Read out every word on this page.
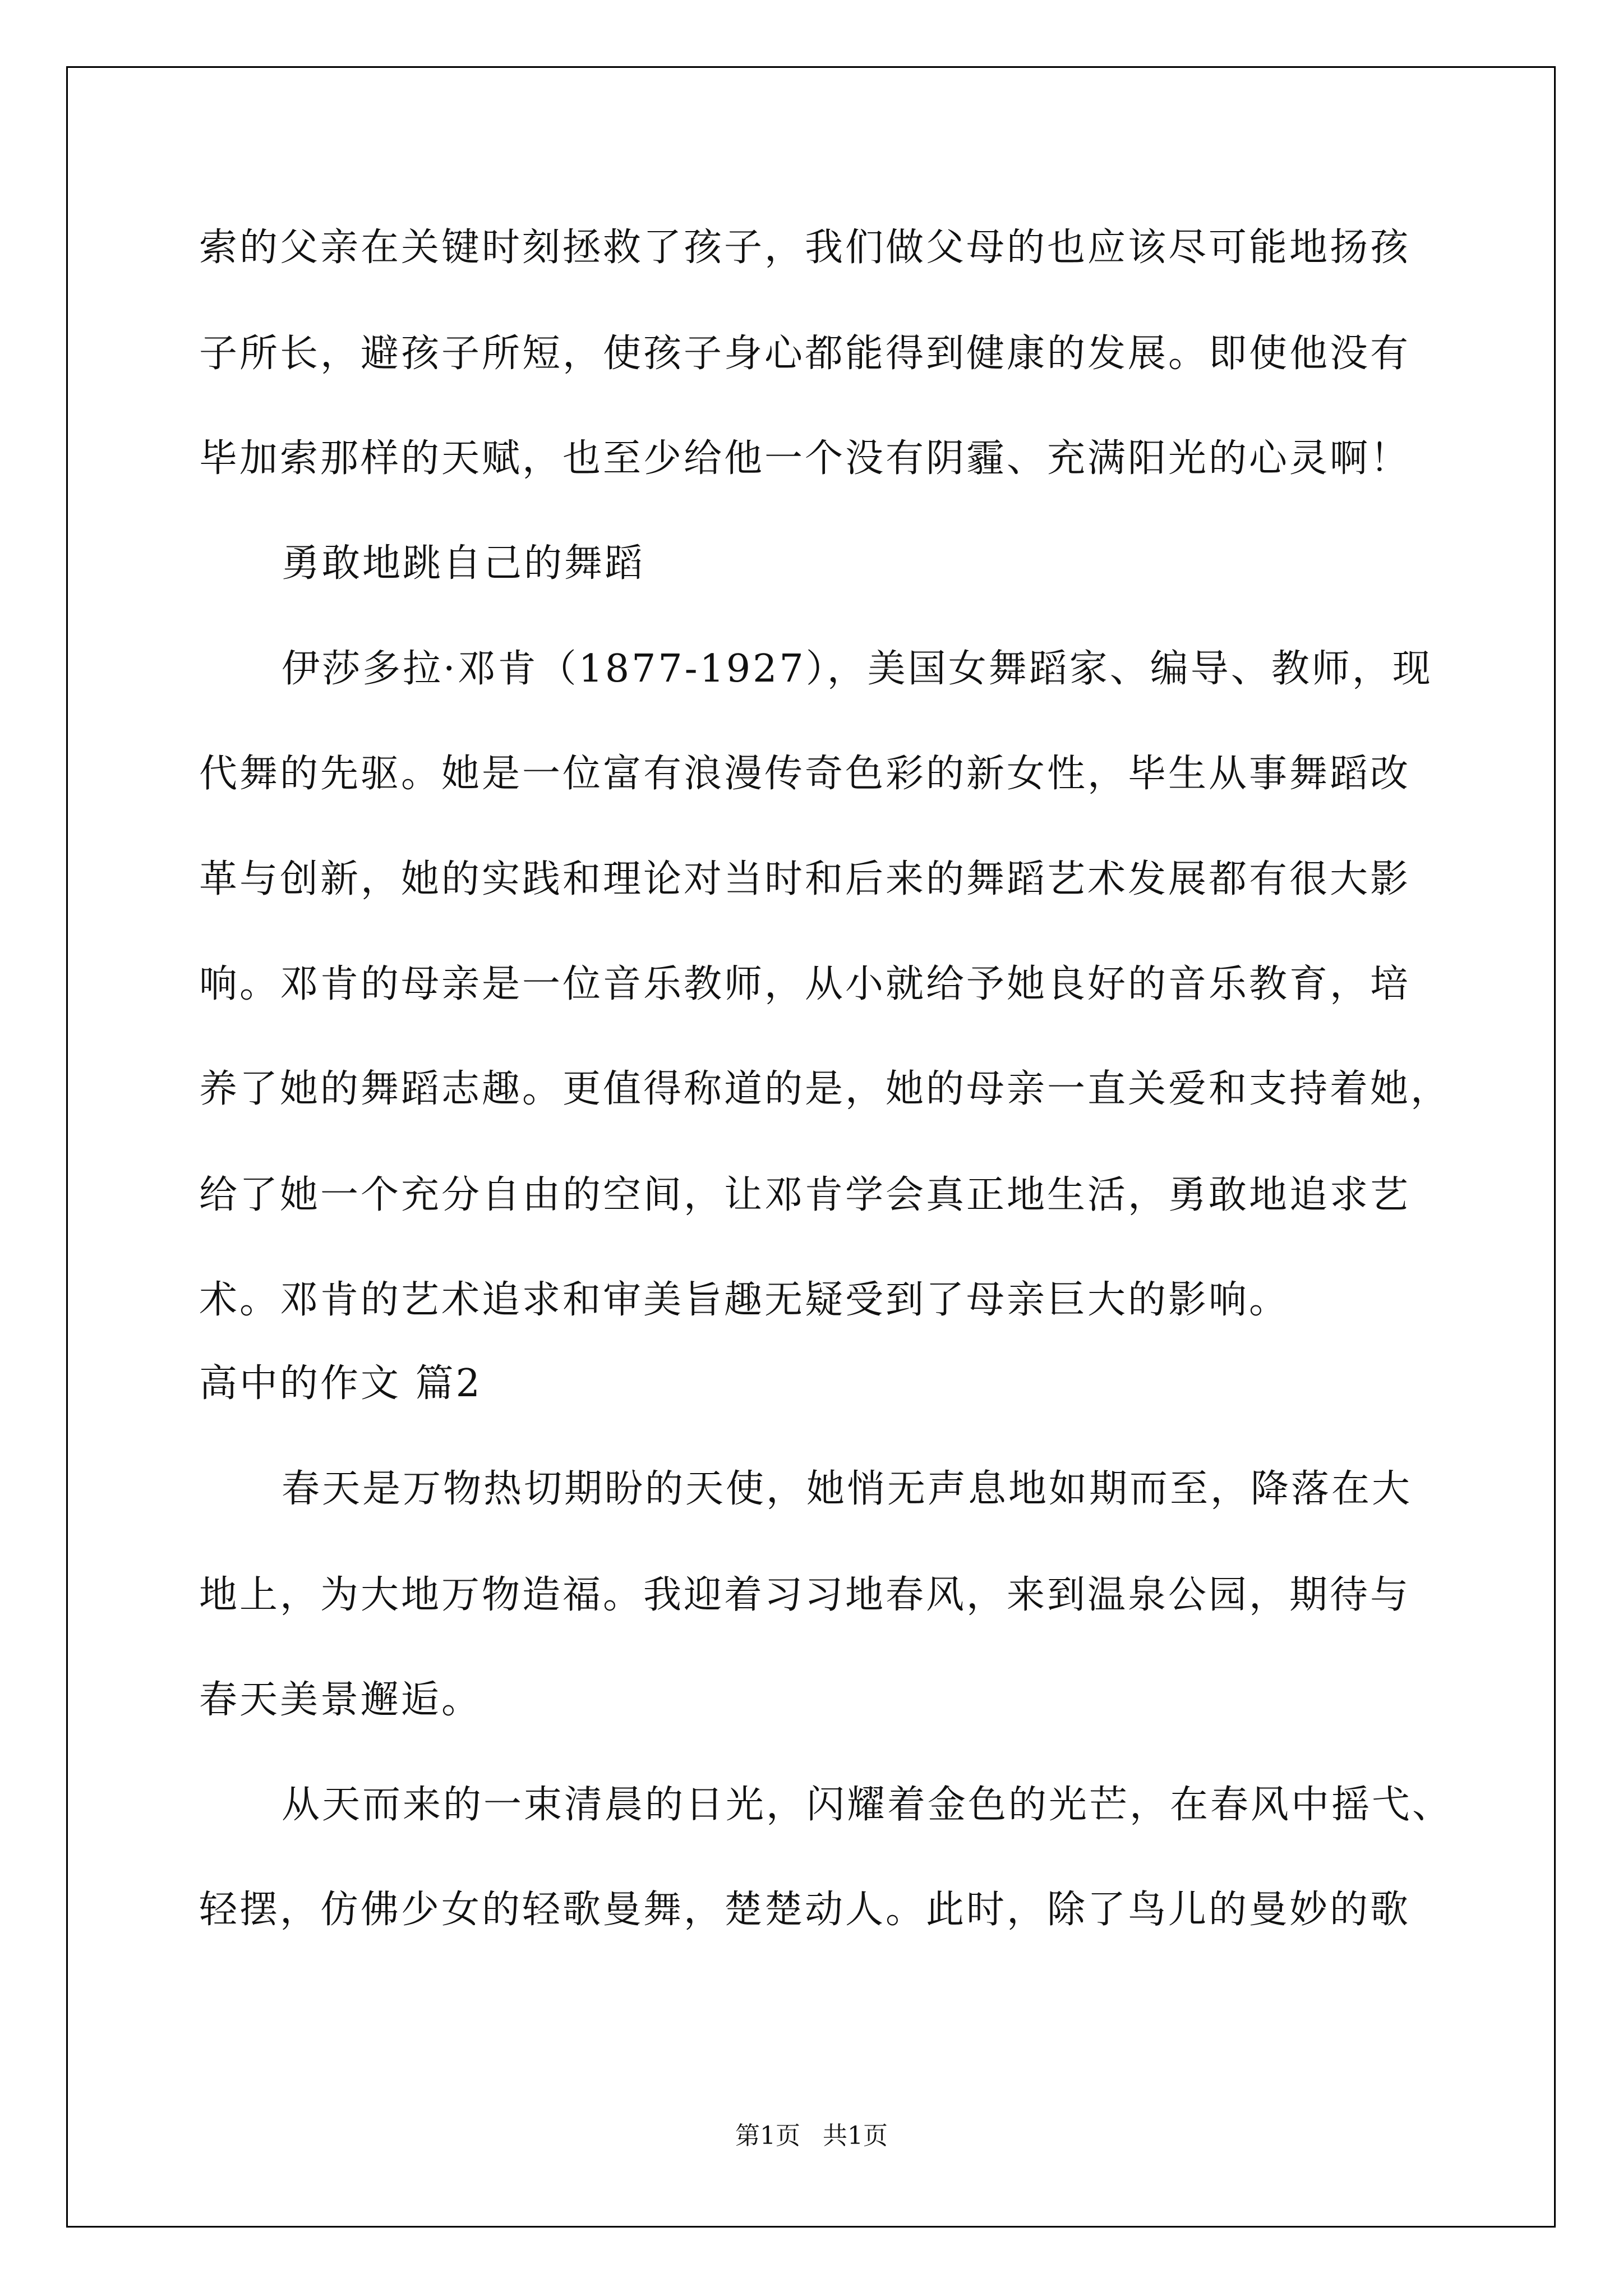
索的父亲在关键时刻拯救了孩子，我们做父母的也应该尽可能地扬孩
子所长，避孩子所短，使孩子身心都能得到健康的发展。即使他没有
毕加索那样的天赋，也至少给他一个没有阴霾、充满阳光的心灵啊！
勇敢地跳自己的舞蹈
伊莎多拉·邓肯（1877-1927），美国女舞蹈家、编导、教师，现
代舞的先驱。她是一位富有浪漫传奇色彩的新女性，毕生从事舞蹈改
革与创新，她的实践和理论对当时和后来的舞蹈艺术发展都有很大影
响。邓肯的母亲是一位音乐教师，从小就给予她良好的音乐教育，培
养了她的舞蹈志趣。更值得称道的是，她的母亲一直关爱和支持着她，
给了她一个充分自由的空间，让邓肯学会真正地生活，勇敢地追求艺
术。邓肯的艺术追求和审美旨趣无疑受到了母亲巨大的影响。
高中的作文 篇2
春天是万物热切期盼的天使，她悄无声息地如期而至，降落在大
地上，为大地万物造福。我迎着习习地春风，来到温泉公园，期待与
春天美景邂逅。
从天而来的一束清晨的日光，闪耀着金色的光芒，在春风中摇弋、
轻摆，仿佛少女的轻歌曼舞，楚楚动人。此时，除了鸟儿的曼妙的歌
第1页 共1页
